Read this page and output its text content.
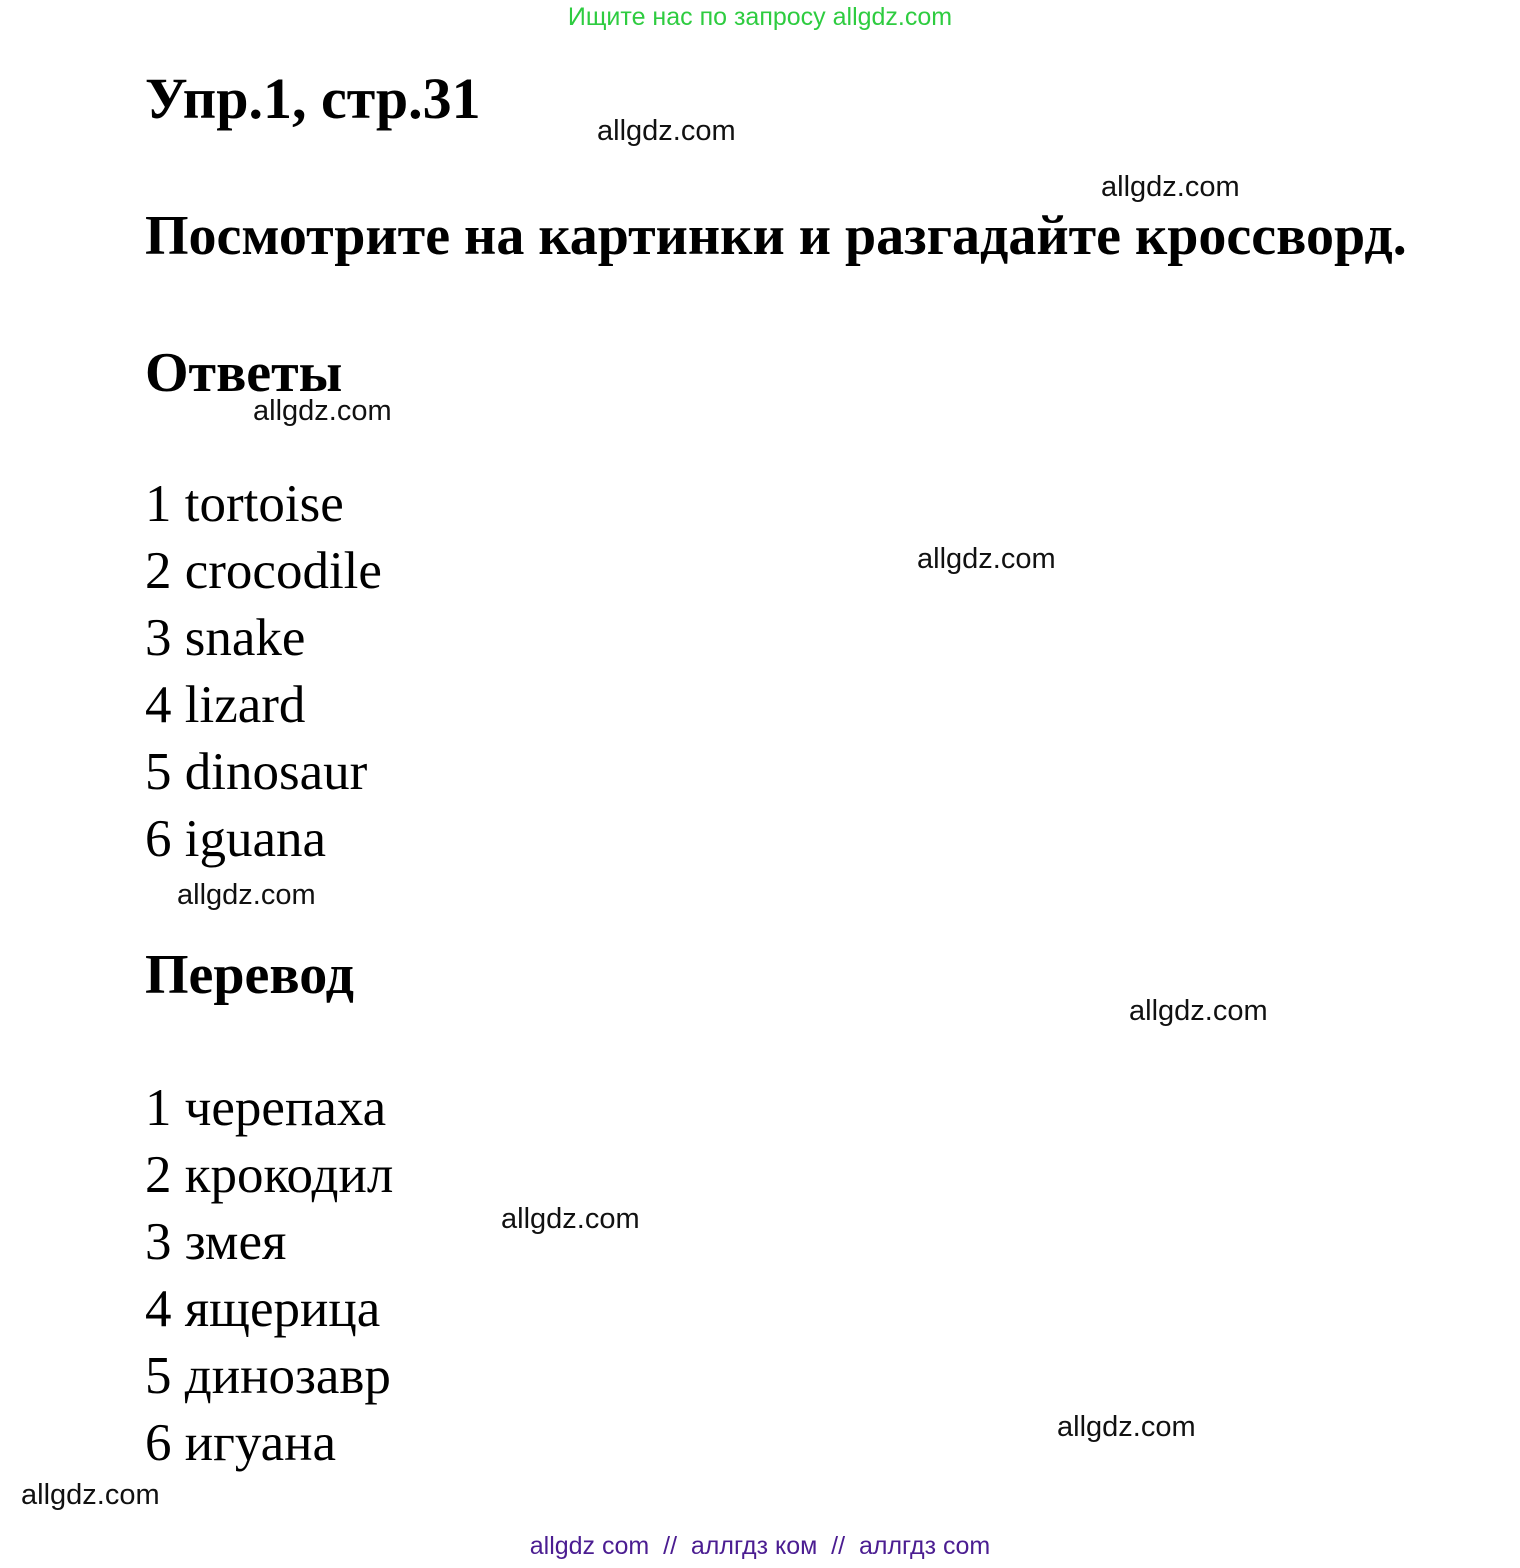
Ищите нас по запросу allgdz.com
Упр.1, стр.31
Посмотрите на картинки и разгадайте кроссворд.
Ответы
1 tortoise
2 crocodile
3 snake
4 lizard
5 dinosaur
6 iguana
Перевод
1 черепаха
2 крокодил
3 змея
4 ящерица
5 динозавр
6 игуана
allgdz.com
allgdz.com
allgdz.com
allgdz.com
allgdz.com
allgdz.com
allgdz.com
allgdz.com
allgdz.com
allgdz com  //  аллгдз ком  //  аллгдз com
